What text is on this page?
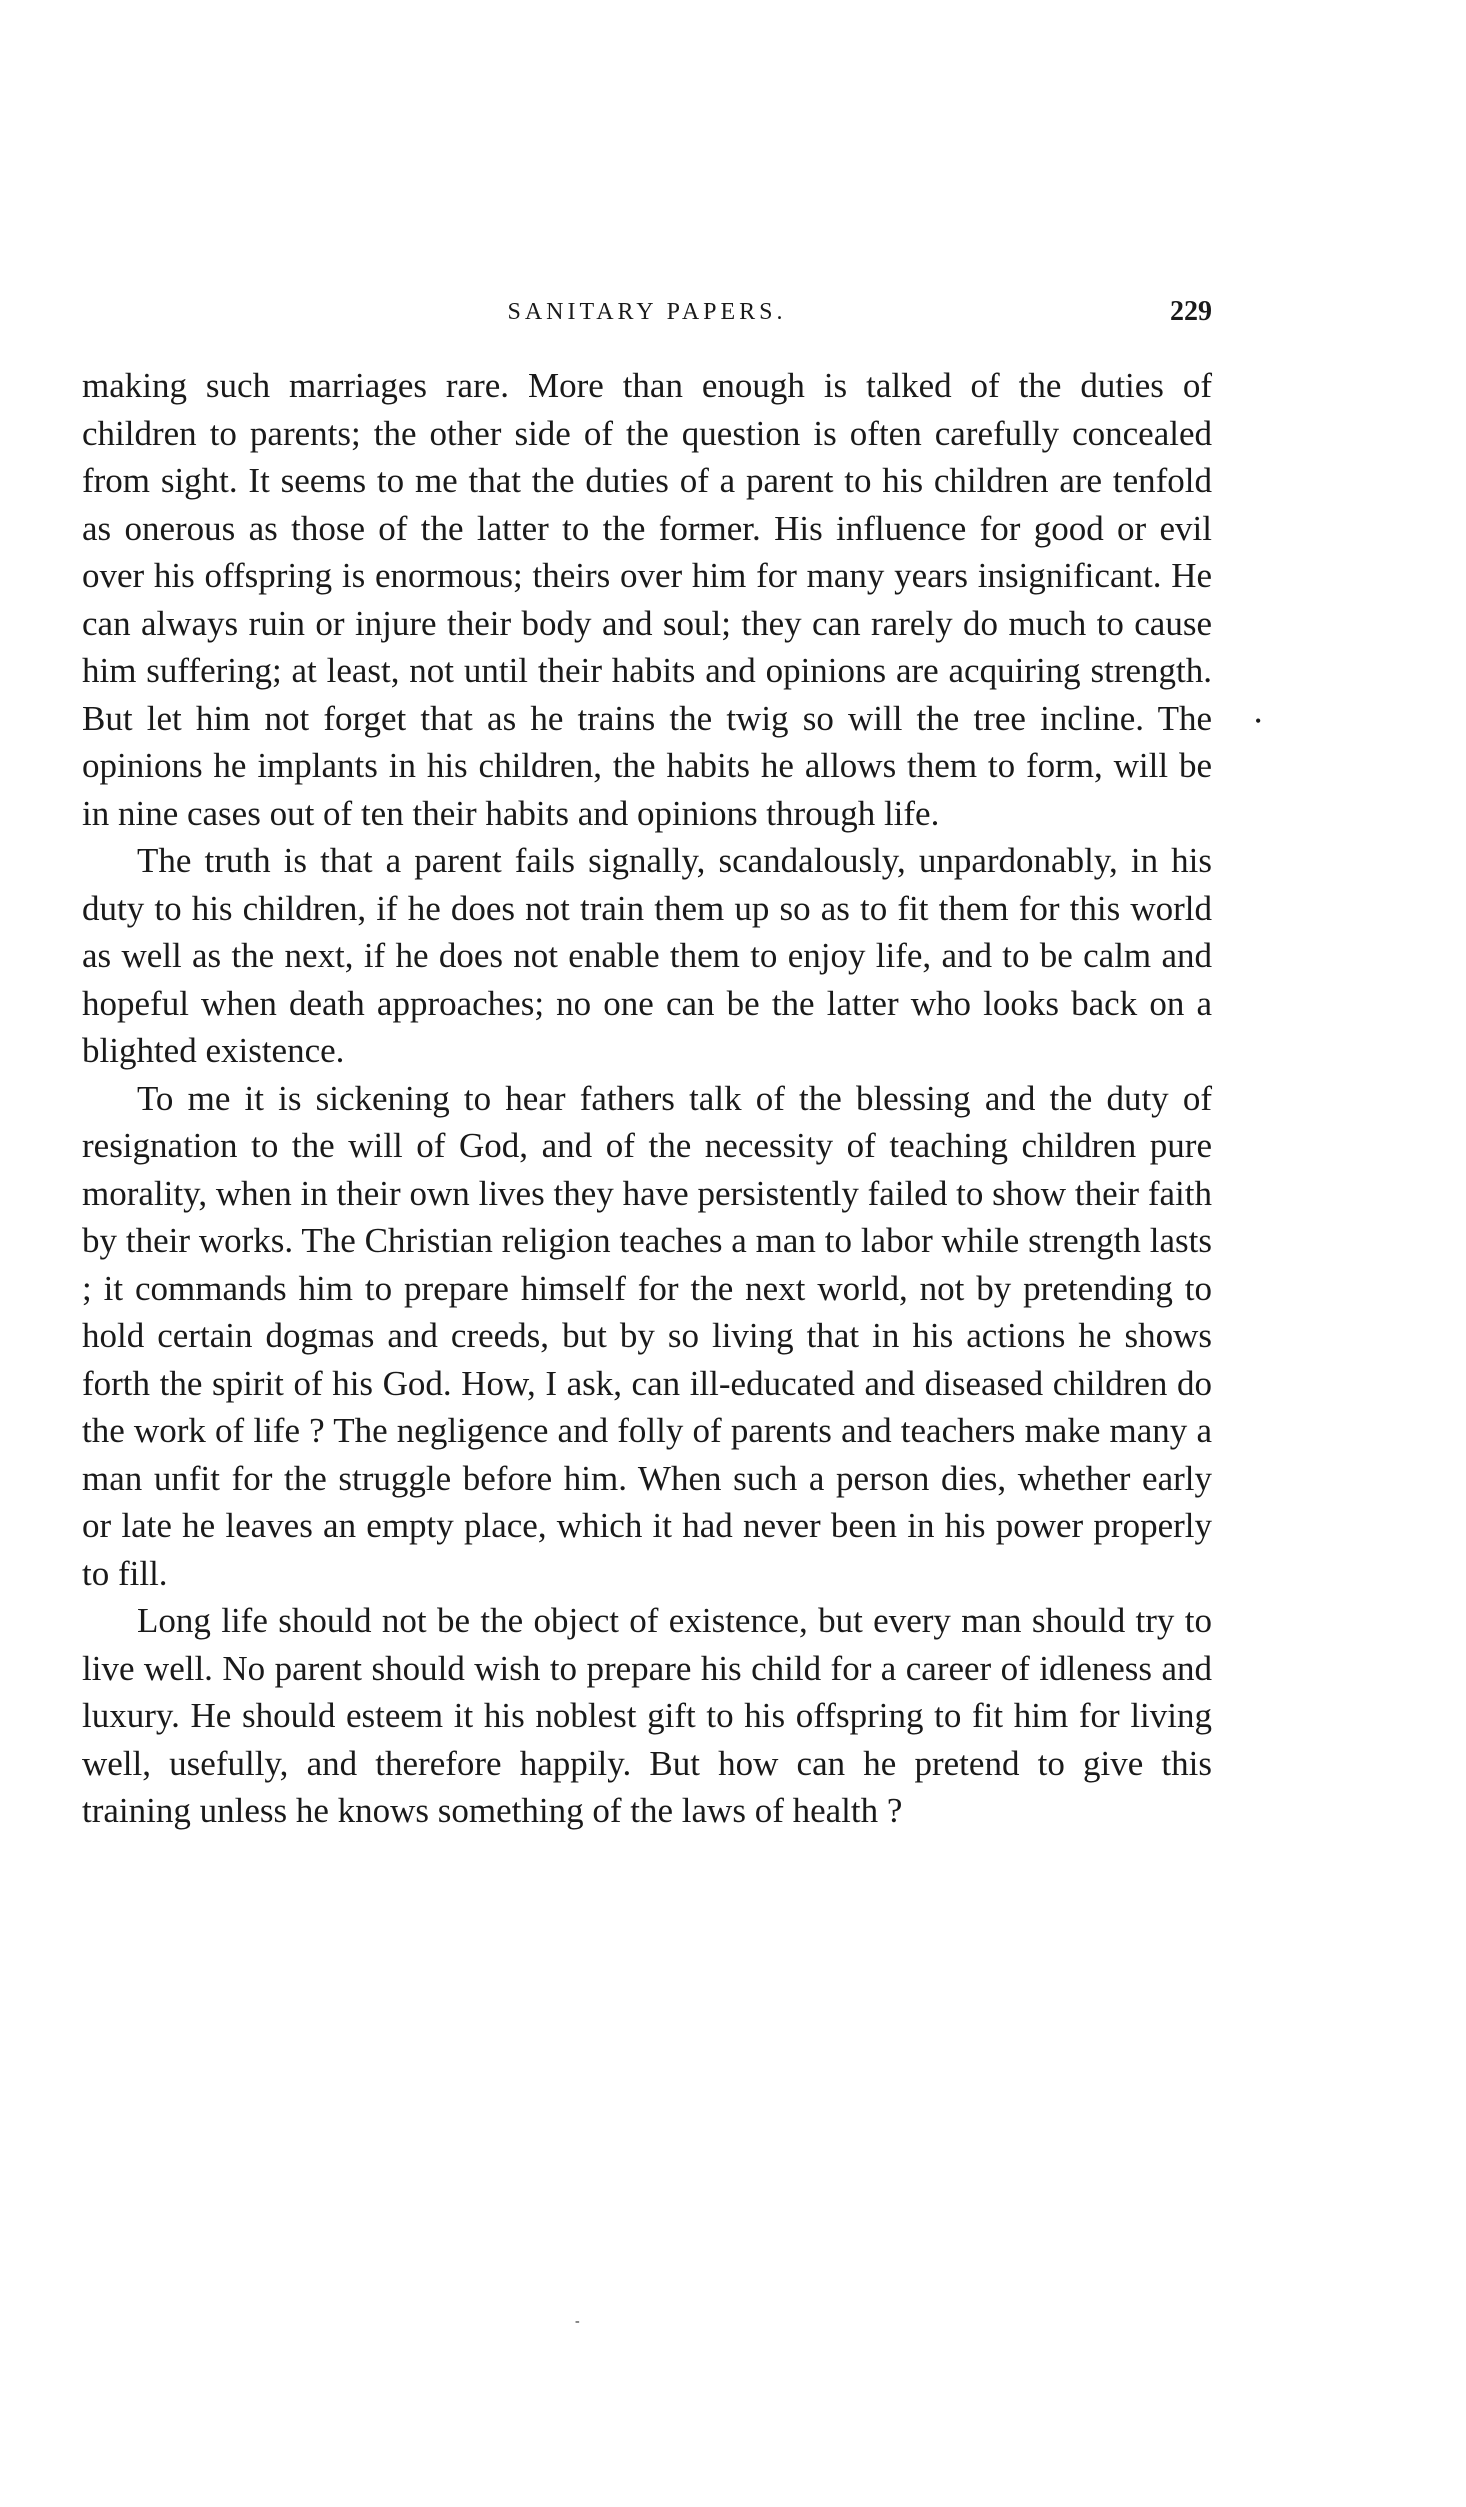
SANITARY PAPERS.	229

making such marriages rare. More than enough is talked of the duties of children to parents; the other side of the question is often carefully concealed from sight. It seems to me that the duties of a parent to his children are tenfold as onerous as those of the latter to the former. His influence for good or evil over his offspring is enormous; theirs over him for many years insignificant. He can always ruin or injure their body and soul; they can rarely do much to cause him suffering; at least, not until their habits and opinions are acquiring strength. But let him not forget that as he trains the twig so will the tree incline. The opinions he implants in his children, the habits he allows them to form, will be in nine cases out of ten their habits and opinions through life.

The truth is that a parent fails signally, scandalously, unpardonably, in his duty to his children, if he does not train them up so as to fit them for this world as well as the next, if he does not enable them to enjoy life, and to be calm and hopeful when death approaches; no one can be the latter who looks back on a blighted existence.

To me it is sickening to hear fathers talk of the blessing and the duty of resignation to the will of God, and of the necessity of teaching children pure morality, when in their own lives they have persistently failed to show their faith by their works. The Christian religion teaches a man to labor while strength lasts ; it commands him to prepare himself for the next world, not by pretending to hold certain dogmas and creeds, but by so living that in his actions he shows forth the spirit of his God. How, I ask, can ill-educated and diseased children do the work of life ? The negligence and folly of parents and teachers make many a man unfit for the struggle before him. When such a person dies, whether early or late he leaves an empty place, which it had never been in his power properly to fill.

Long life should not be the object of existence, but every man should try to live well. No parent should wish to prepare his child for a career of idleness and luxury. He should esteem it his noblest gift to his offspring to fit him for living well, usefully, and therefore happily. But how can he pretend to give this training unless he knows something of the laws of health ?

•
-
